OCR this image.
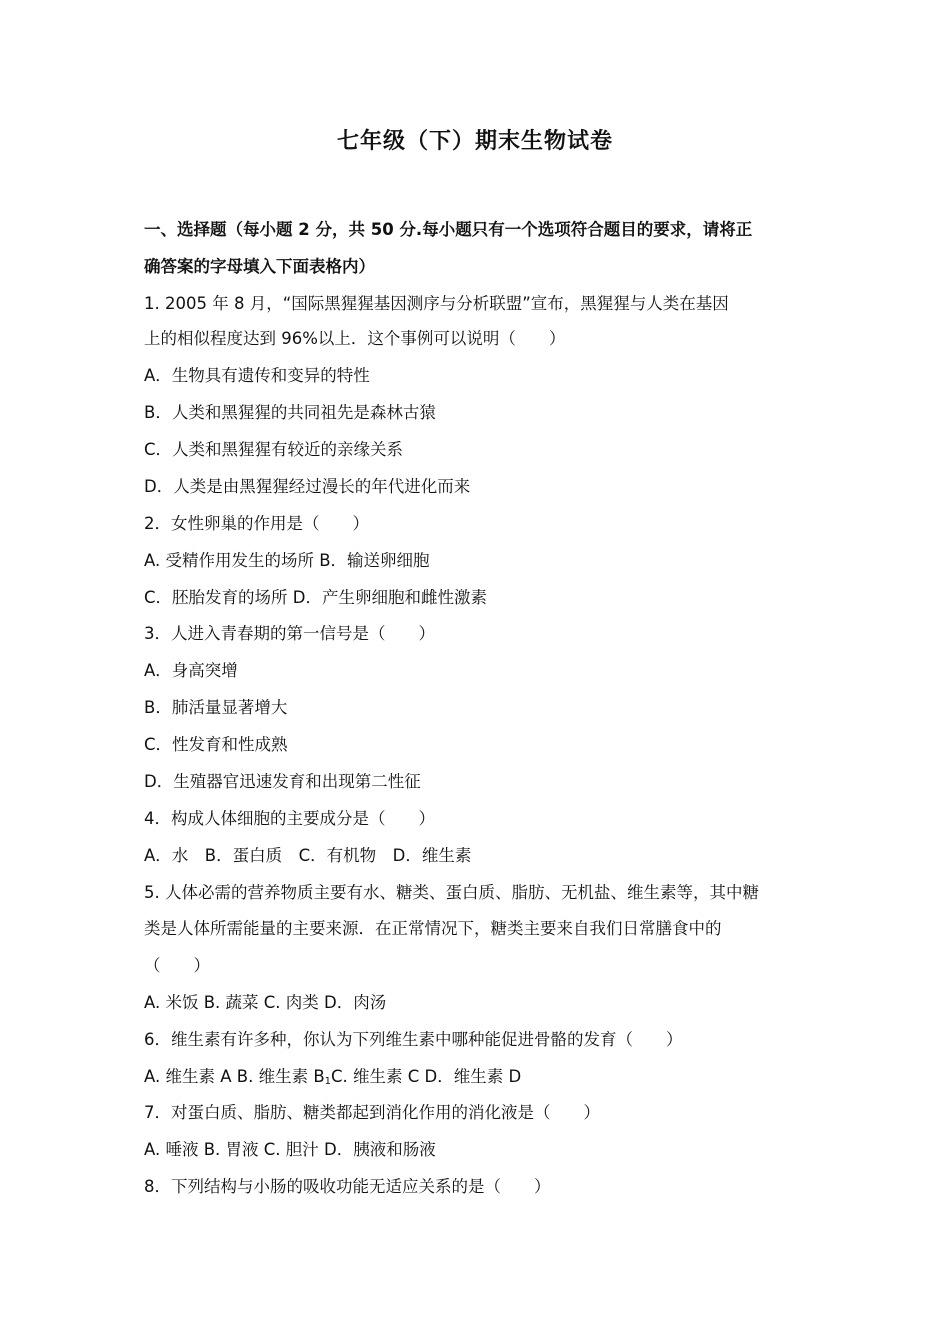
七年级（下）期末生物试卷
一、选择题（每小题 2 分，共 50 分.每小题只有一个选项符合题目的要求，请将正
确答案的字母填入下面表格内）
1. 2005 年 8 月，“国际黑猩猩基因测序与分析联盟”宣布，黑猩猩与人类在基因
上的相似程度达到 96%以上．这个事例可以说明（　　）
A．生物具有遗传和变异的特性
B．人类和黑猩猩的共同祖先是森林古猿
C．人类和黑猩猩有较近的亲缘关系
D．人类是由黑猩猩经过漫长的年代进化而来
2．女性卵巢的作用是（　　）
A. 受精作用发生的场所 B．输送卵细胞
C．胚胎发育的场所 D．产生卵细胞和雌性激素
3．人进入青春期的第一信号是（　　）
A．身高突增
B．肺活量显著增大
C．性发育和性成熟
D．生殖器官迅速发育和出现第二性征
4．构成人体细胞的主要成分是（　　）
A．水　B．蛋白质　C．有机物　D．维生素
5. 人体必需的营养物质主要有水、糖类、蛋白质、脂肪、无机盐、维生素等，其中糖
类是人体所需能量的主要来源．在正常情况下，糖类主要来自我们日常膳食中的
（　　）
A. 米饭 B. 蔬菜 C. 肉类 D．肉汤
6．维生素有许多种，你认为下列维生素中哪种能促进骨骼的发育（　　）
A. 维生素 A B. 维生素 $B_1C$. 维生素 C D．维生素 D
7．对蛋白质、脂肪、糖类都起到消化作用的消化液是（　　）
A. 唾液 B. 胃液 C. 胆汁 D．胰液和肠液
8．下列结构与小肠的吸收功能无适应关系的是（　　）
